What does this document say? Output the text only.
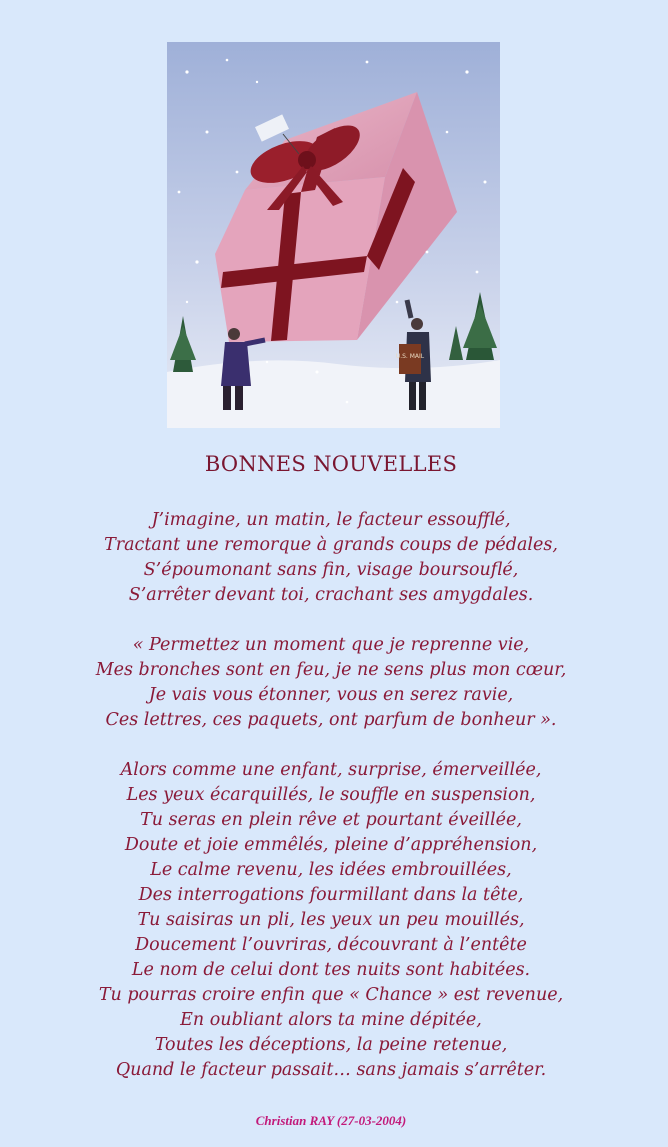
U.S. MAIL
BONNES NOUVELLES
J’imagine, un matin, le facteur essoufflé,
Tractant une remorque à grands coups de pédales,
S’époumonant sans fin, visage boursouflé,
S’arrêter devant toi, crachant ses amygdales.
« Permettez un moment que je reprenne vie,
Mes bronches sont en feu, je ne sens plus mon cœur,
Je vais vous étonner, vous en serez ravie,
Ces lettres, ces paquets, ont parfum de bonheur ».
Alors comme une enfant, surprise, émerveillée,
Les yeux écarquillés, le souffle en suspension,
Tu seras en plein rêve et pourtant éveillée,
Doute et joie emmêlés, pleine d’appréhension,
Le calme revenu, les idées embrouillées,
Des interrogations fourmillant dans la tête,
Tu saisiras un pli, les yeux un peu mouillés,
Doucement l’ouvriras, découvrant à l’entête
Le nom de celui dont tes nuits sont habitées.
Tu pourras croire enfin que « Chance » est revenue,
En oubliant alors ta mine dépitée,
Toutes les déceptions, la peine retenue,
Quand le facteur passait… sans jamais s’arrêter.
Christian RAY (27-03-2004)
